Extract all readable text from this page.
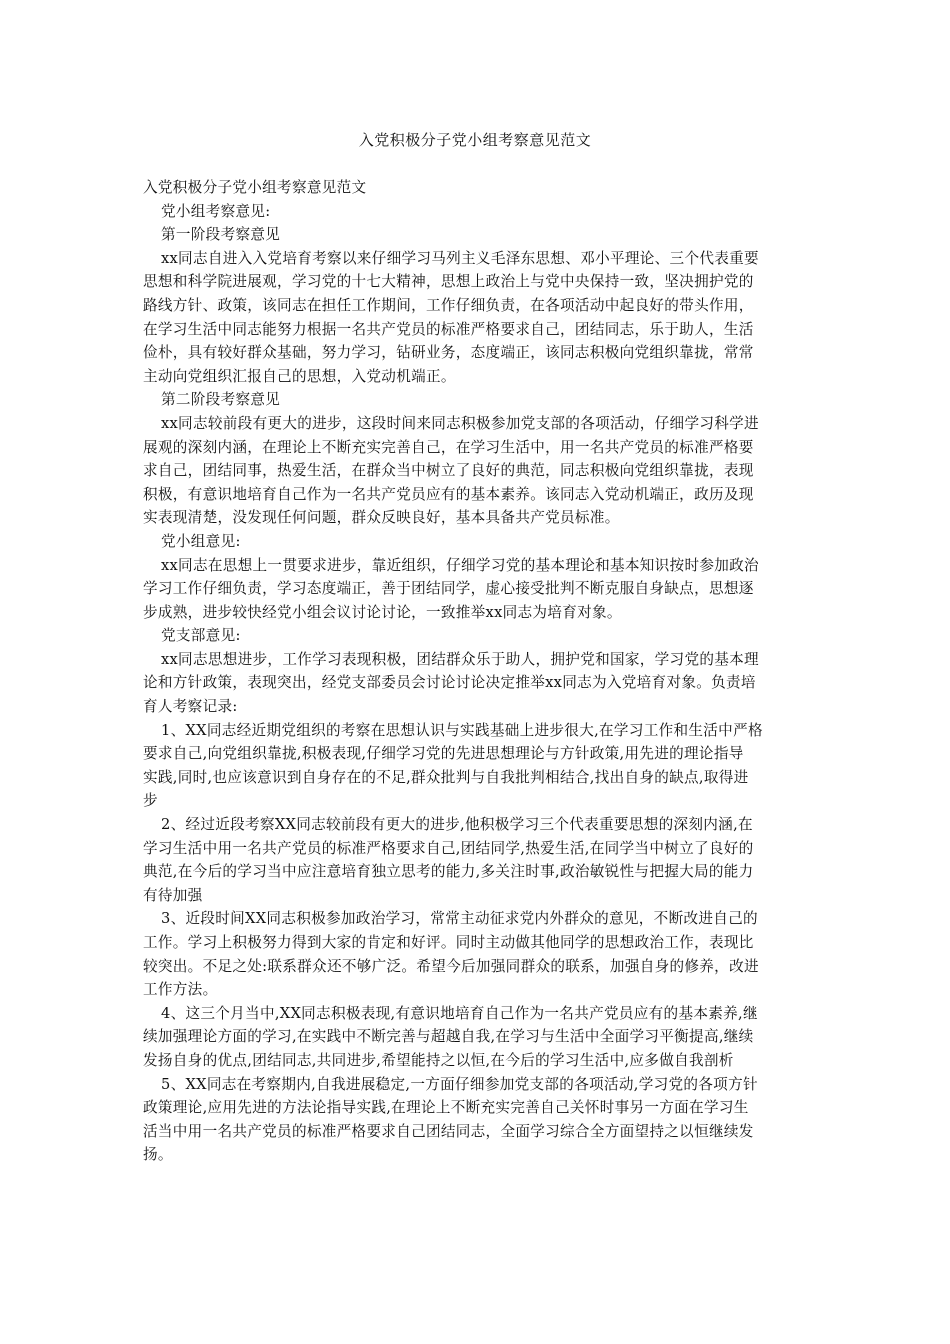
入党积极分子党小组考察意见范文
入党积极分子党小组考察意见范文
党小组考察意见:
第一阶段考察意见
xx同志自进入入党培育考察以来仔细学习马列主义毛泽东思想、邓小平理论、三个代表重要
思想和科学院进展观，学习党的十七大精神，思想上政治上与党中央保持一致，坚决拥护党的
路线方针、政策，该同志在担任工作期间，工作仔细负责，在各项活动中起良好的带头作用，
在学习生活中同志能努力根据一名共产党员的标准严格要求自己，团结同志，乐于助人，生活
俭朴，具有较好群众基础，努力学习，钻研业务，态度端正，该同志积极向党组织靠拢，常常
主动向党组织汇报自己的思想，入党动机端正。
第二阶段考察意见
xx同志较前段有更大的进步，这段时间来同志积极参加党支部的各项活动，仔细学习科学进
展观的深刻内涵，在理论上不断充实完善自己，在学习生活中，用一名共产党员的标准严格要
求自己，团结同事，热爱生活，在群众当中树立了良好的典范，同志积极向党组织靠拢，表现
积极，有意识地培育自己作为一名共产党员应有的基本素养。该同志入党动机端正，政历及现
实表现清楚，没发现任何问题，群众反映良好，基本具备共产党员标准。
党小组意见:
xx同志在思想上一贯要求进步，靠近组织，仔细学习党的基本理论和基本知识按时参加政治
学习工作仔细负责，学习态度端正，善于团结同学，虚心接受批判不断克服自身缺点，思想逐
步成熟，进步较快经党小组会议讨论讨论，一致推举xx同志为培育对象。
党支部意见:
xx同志思想进步，工作学习表现积极，团结群众乐于助人，拥护党和国家，学习党的基本理
论和方针政策，表现突出，经党支部委员会讨论讨论决定推举xx同志为入党培育对象。负责培
育人考察记录:
1、XX同志经近期党组织的考察在思想认识与实践基础上进步很大,在学习工作和生活中严格
要求自己,向党组织靠拢,积极表现,仔细学习党的先进思想理论与方针政策,用先进的理论指导
实践,同时,也应该意识到自身存在的不足,群众批判与自我批判相结合,找出自身的缺点,取得进
步
2、经过近段考察XX同志较前段有更大的进步,他积极学习三个代表重要思想的深刻内涵,在
学习生活中用一名共产党员的标准严格要求自己,团结同学,热爱生活,在同学当中树立了良好的
典范,在今后的学习当中应注意培育独立思考的能力,多关注时事,政治敏锐性与把握大局的能力
有待加强
3、近段时间XX同志积极参加政治学习，常常主动征求党内外群众的意见，不断改进自己的
工作。学习上积极努力得到大家的肯定和好评。同时主动做其他同学的思想政治工作，表现比
较突出。不足之处:联系群众还不够广泛。希望今后加强同群众的联系，加强自身的修养，改进
工作方法。
4、这三个月当中,XX同志积极表现,有意识地培育自己作为一名共产党员应有的基本素养,继
续加强理论方面的学习,在实践中不断完善与超越自我,在学习与生活中全面学习平衡提高,继续
发扬自身的优点,团结同志,共同进步,希望能持之以恒,在今后的学习生活中,应多做自我剖析
5、XX同志在考察期内,自我进展稳定,一方面仔细参加党支部的各项活动,学习党的各项方针
政策理论,应用先进的方法论指导实践,在理论上不断充实完善自己关怀时事另一方面在学习生
活当中用一名共产党员的标准严格要求自己团结同志，全面学习综合全方面望持之以恒继续发
扬。
